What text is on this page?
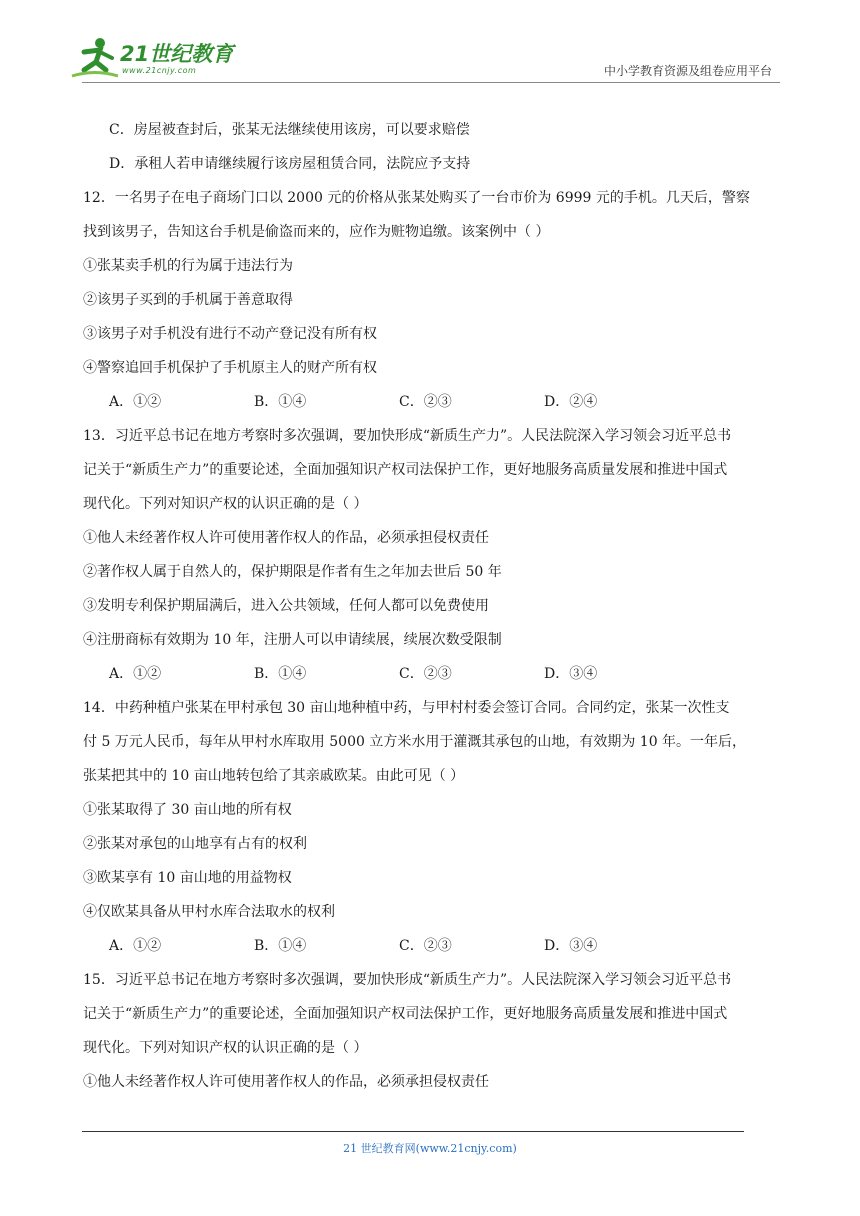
21世纪教育
www.21cnjy.com	中小学教育资源及组卷应用平台
C．房屋被查封后，张某无法继续使用该房，可以要求赔偿
D．承租人若申请继续履行该房屋租赁合同，法院应予支持
12．一名男子在电子商场门口以 2000 元的价格从张某处购买了一台市价为 6999 元的手机。几天后，警察
找到该男子，告知这台手机是偷盗而来的，应作为赃物追缴。该案例中（ ）
①张某卖手机的行为属于违法行为
②该男子买到的手机属于善意取得
③该男子对手机没有进行不动产登记没有所有权
④警察追回手机保护了手机原主人的财产所有权
A．①②	B．①④	C．②③	D．②④
13．习近平总书记在地方考察时多次强调，要加快形成“新质生产力”。人民法院深入学习领会习近平总书
记关于“新质生产力”的重要论述，全面加强知识产权司法保护工作，更好地服务高质量发展和推进中国式
现代化。下列对知识产权的认识正确的是（ ）
①他人未经著作权人许可使用著作权人的作品，必须承担侵权责任
②著作权人属于自然人的，保护期限是作者有生之年加去世后 50 年
③发明专利保护期届满后，进入公共领域，任何人都可以免费使用
④注册商标有效期为 10 年，注册人可以申请续展，续展次数受限制
A．①②	B．①④	C．②③	D．③④
14．中药种植户张某在甲村承包 30 亩山地种植中药，与甲村村委会签订合同。合同约定，张某一次性支
付 5 万元人民币，每年从甲村水库取用 5000 立方米水用于灌溉其承包的山地，有效期为 10 年。一年后，
张某把其中的 10 亩山地转包给了其亲戚欧某。由此可见（ ）
①张某取得了 30 亩山地的所有权
②张某对承包的山地享有占有的权利
③欧某享有 10 亩山地的用益物权
④仅欧某具备从甲村水库合法取水的权利
A．①②	B．①④	C．②③	D．③④
15．习近平总书记在地方考察时多次强调，要加快形成“新质生产力”。人民法院深入学习领会习近平总书
记关于“新质生产力”的重要论述，全面加强知识产权司法保护工作，更好地服务高质量发展和推进中国式
现代化。下列对知识产权的认识正确的是（ ）
①他人未经著作权人许可使用著作权人的作品，必须承担侵权责任
21 世纪教育网(www.21cnjy.com)
